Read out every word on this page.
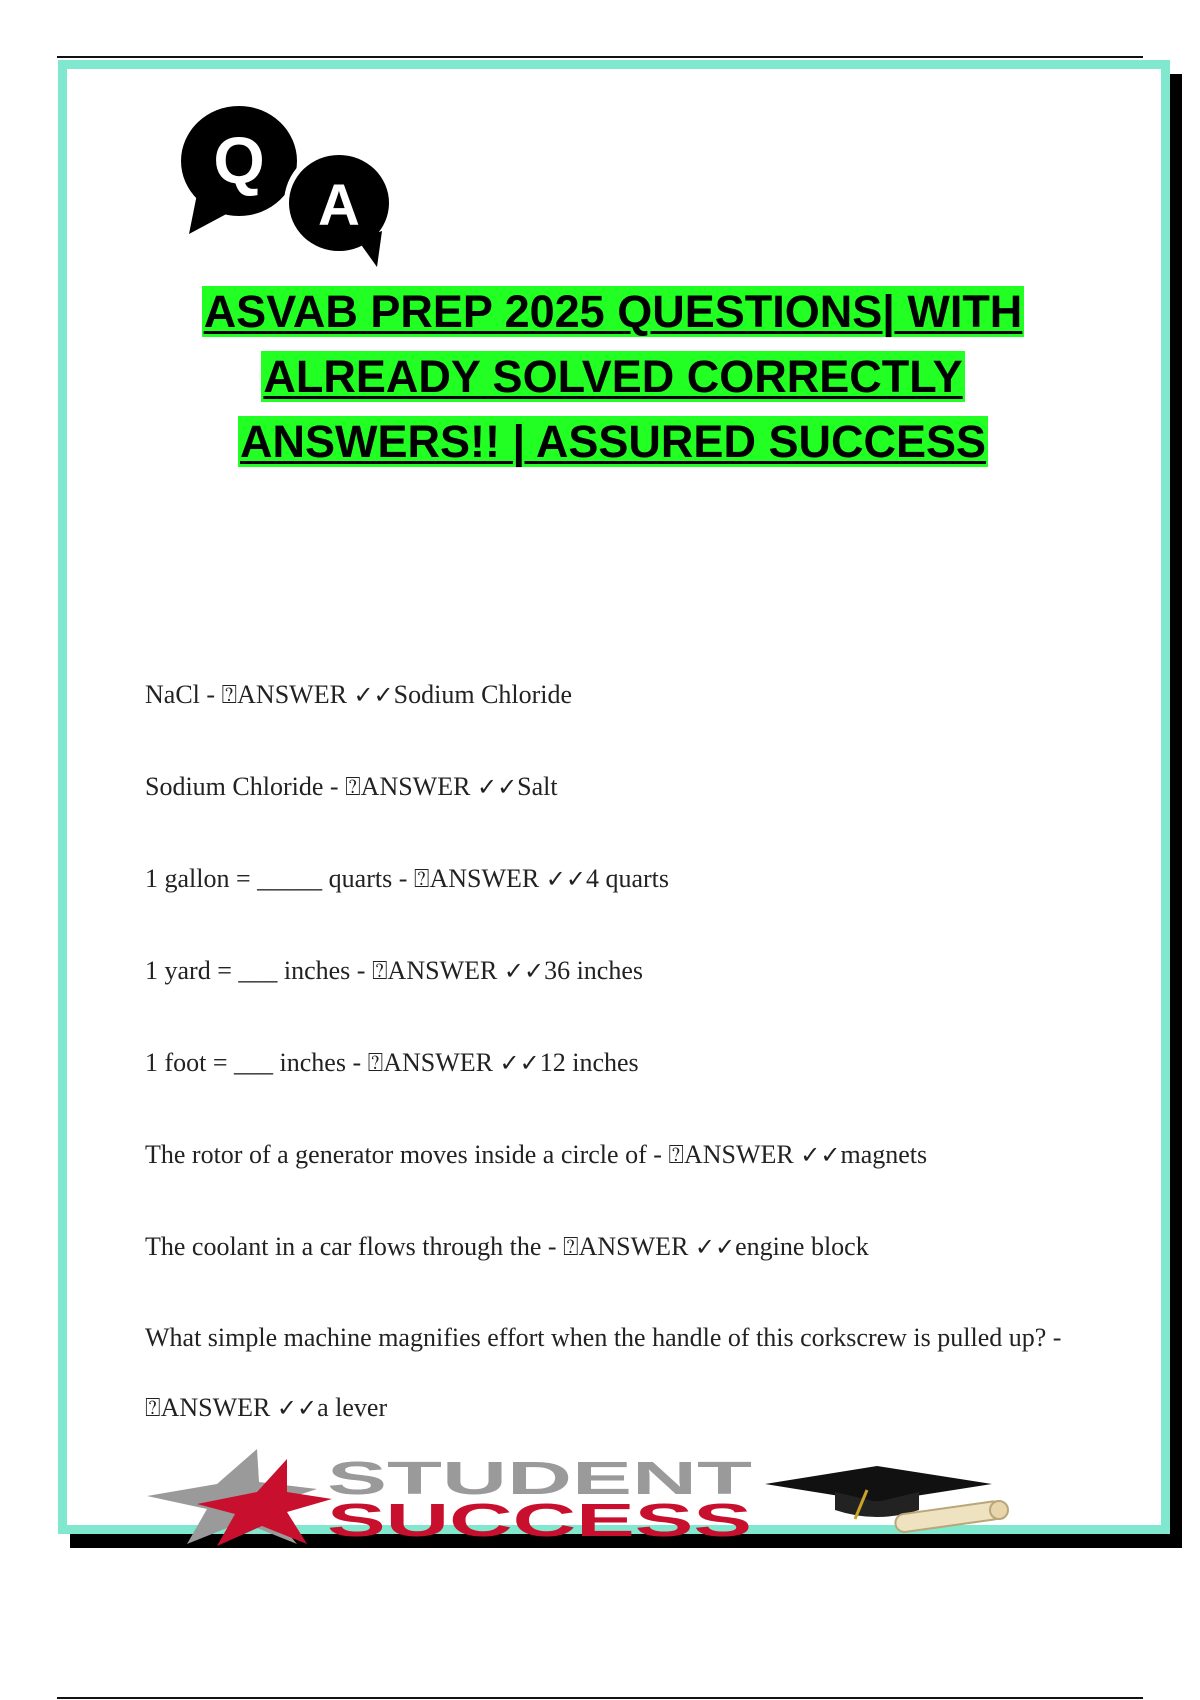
Q
A
ASVAB PREP 2025 QUESTIONS| WITH
ALREADY SOLVED CORRECTLY
ANSWERS!! | ASSURED SUCCESS

NaCl - ⍰ANSWER ✓✓Sodium Chloride

Sodium Chloride - ⍰ANSWER ✓✓Salt

1 gallon = _____ quarts - ⍰ANSWER ✓✓4 quarts

1 yard = ___ inches - ⍰ANSWER ✓✓36 inches

1 foot = ___ inches - ⍰ANSWER ✓✓12 inches

The rotor of a generator moves inside a circle of - ⍰ANSWER ✓✓magnets

The coolant in a car flows through the - ⍰ANSWER ✓✓engine block

What simple machine magnifies effort when the handle of this corkscrew is pulled up? - ⍰ANSWER ✓✓a lever

STUDENT
SUCCESS
